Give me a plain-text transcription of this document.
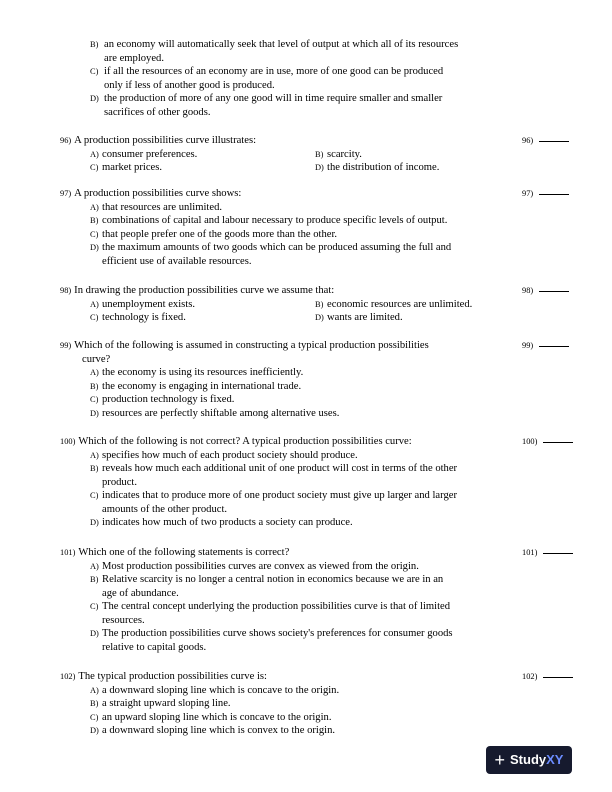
B) an economy will automatically seek that level of output at which all of its resources
are employed.
C) if all the resources of an economy are in use, more of one good can be produced
only if less of another good is produced.
D) the production of more of any one good will in time require smaller and smaller
sacrifices of other goods.
96) A production possibilities curve illustrates:
A) consumer preferences.	B) scarcity.
C) market prices.	D) the distribution of income.
96)
97) A production possibilities curve shows:
A) that resources are unlimited.
B) combinations of capital and labour necessary to produce specific levels of output.
C) that people prefer one of the goods more than the other.
D) the maximum amounts of two goods which can be produced assuming the full and
efficient use of available resources.
97)
98) In drawing the production possibilities curve we assume that:
A) unemployment exists.	B) economic resources are unlimited.
C) technology is fixed.	D) wants are limited.
98)
99) Which of the following is assumed in constructing a typical production possibilities
curve?
A) the economy is using its resources inefficiently.
B) the economy is engaging in international trade.
C) production technology is fixed.
D) resources are perfectly shiftable among alternative uses.
99)
100) Which of the following is not correct? A typical production possibilities curve:
A) specifies how much of each product society should produce.
B) reveals how much each additional unit of one product will cost in terms of the other
product.
C) indicates that to produce more of one product society must give up larger and larger
amounts of the other product.
D) indicates how much of two products a society can produce.
100)
101) Which one of the following statements is correct?
A) Most production possibilities curves are convex as viewed from the origin.
B) Relative scarcity is no longer a central notion in economics because we are in an
age of abundance.
C) The central concept underlying the production possibilities curve is that of limited
resources.
D) The production possibilities curve shows society's preferences for consumer goods
relative to capital goods.
101)
102) The typical production possibilities curve is:
A) a downward sloping line which is concave to the origin.
B) a straight upward sloping line.
C) an upward sloping line which is concave to the origin.
D) a downward sloping line which is convex to the origin.
102)
+ Study XY
